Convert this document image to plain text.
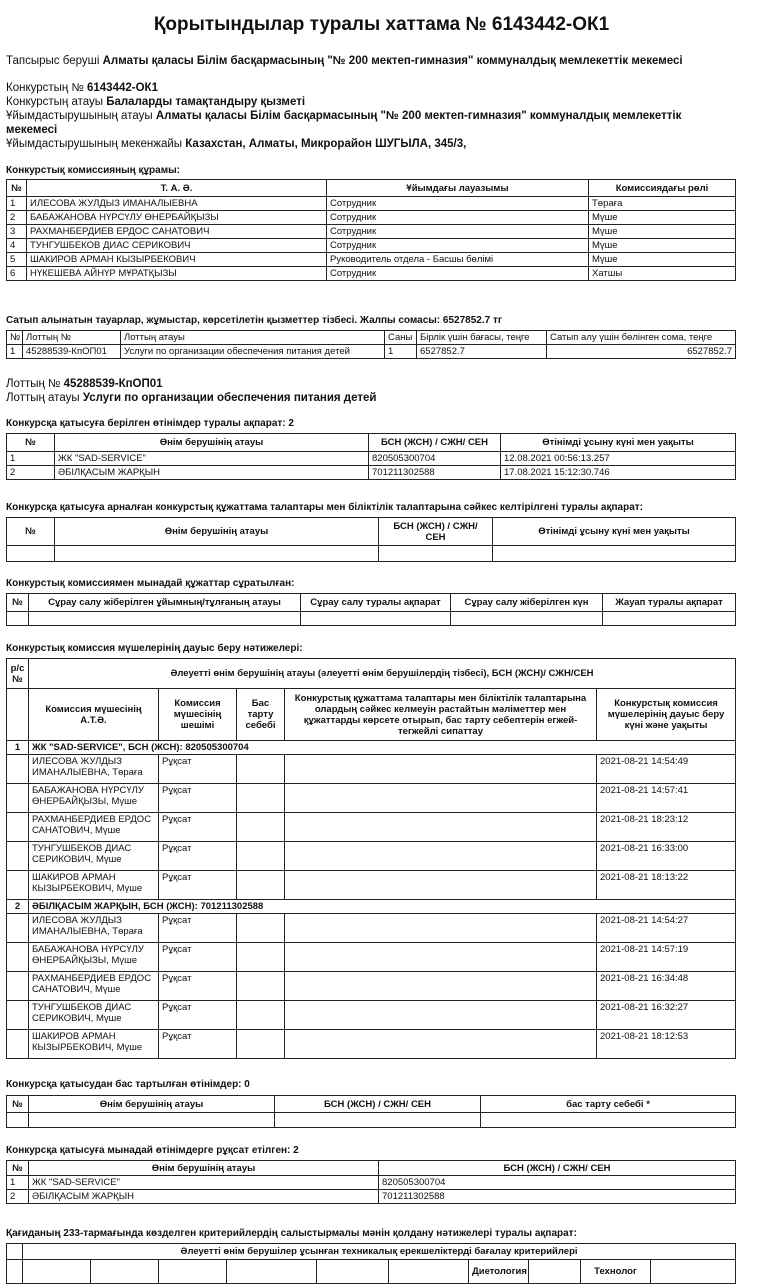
Қорытындылар туралы хаттама № 6143442-ОК1
Тапсырыс беруші Алматы қаласы Білім басқармасының "№ 200 мектеп-гимназия" коммуналдық мемлекеттік мекемесі
Конкурстың № 6143442-ОК1
Конкурстың атауы Балаларды тамақтандыру қызметі
Ұйымдастырушының атауы Алматы қаласы Білім басқармасының "№ 200 мектеп-гимназия" коммуналдық мемлекеттік
мекемесі
Ұйымдастырушының мекенжайы Казахстан, Алматы, Микрорайон ШУГЫЛА, 345/3,
Конкурстық комиссияның құрамы:
№	Т. А. Ә.	Ұйымдағы лауазымы	Комиссиядағы рөлі
1	ИЛЕСОВА ЖУЛДЫЗ ИМАНАЛЫЕВНА	Сотрудник	Төраға
2	БАБАЖАНОВА НҮРСҮЛУ ӨНЕРБАЙҚЫЗЫ	Сотрудник	Мүше
3	РАХМАНБЕРДИЕВ ЕРДОС САНАТОВИЧ	Сотрудник	Мүше
4	ТУНГУШБЕКОВ ДИАС СЕРИКОВИЧ	Сотрудник	Мүше
5	ШАКИРОВ АРМАН КЫЗЫРБЕКОВИЧ	Руководитель отдела - Басшы бөлімі	Мүше
6	НҮКЕШЕВА АЙНҮР МҰРАТҚЫЗЫ	Сотрудник	Хатшы
Сатып алынатын тауарлар, жұмыстар, көрсетілетін қызметтер тізбесі. Жалпы сомасы: 6527852.7 тг
№	Лоттың №	Лоттың атауы	Саны	Бірлік үшін бағасы, теңге	Сатып алу үшін бөлінген сома, теңге
1	45288539-КпОП01	Услуги по организации обеспечения питания детей	1	6527852.7	6527852.7
Лоттың № 45288539-КпОП01
Лоттың атауы Услуги по организации обеспечения питания детей
Конкурсқа қатысуға берілген өтінімдер туралы ақпарат: 2
№	Өнім берушінің атауы	БСН (ЖСН) / СЖН/ СЕН	Өтінімді ұсыну күні мен уақыты
1	ЖК "SAD-SERVICE"	820505300704	12.08.2021 00:56:13.257
2	ӘБІЛҚАСЫМ ЖАРҚЫН	701211302588	17.08.2021 15:12:30.746
Конкурсқа қатысуға арналған конкурстық құжаттама талаптары мен біліктілік талаптарына сәйкес келтірілгені туралы ақпарат:
№	Өнім берушінің атауы	БСН (ЖСН) / СЖН/ СЕН	Өтінімді ұсыну күні мен уақыты

Конкурстық комиссиямен мынадай құжаттар сұратылған:
№	Сұрау салу жіберілген ұйымның/тұлғаның атауы	Сұрау салу туралы ақпарат	Сұрау салу жіберілген күн	Жауап туралы ақпарат

Конкурстық комиссия мүшелерінің дауыс беру нәтижелері:
р/с №	Әлеуетті өнім берушінің атауы (әлеуетті өнім берушілердің тізбесі), БСН (ЖСН)/ СЖН/СЕН				
	Комиссия мүшесінің А.Т.Ә.	Комиссия мүшесінің шешімі	Бас тарту себебі	Конкурстық құжаттама талаптары мен біліктілік талаптарына олардың сәйкес келмеуін растайтын мәліметтер мен құжаттарды көрсете отырып, бас тарту себептерін егжей-тегжейлі сипаттау	Конкурстық комиссия мүшелерінің дауыс беру күні және уақыты
1	ЖК "SAD-SERVICE", БСН (ЖСН): 820505300704				
	ИЛЕСОВА ЖУЛДЫЗ
ИМАНАЛЫЕВНА, Төраға	Рұқсат			2021-08-21 14:54:49
	БАБАЖАНОВА НҮРСҮЛУ
ӨНЕРБАЙҚЫЗЫ, Мүше	Рұқсат			2021-08-21 14:57:41
	РАХМАНБЕРДИЕВ ЕРДОС
САНАТОВИЧ, Мүше	Рұқсат			2021-08-21 18:23:12
	ТУНГУШБЕКОВ ДИАС
СЕРИКОВИЧ, Мүше	Рұқсат			2021-08-21 16:33:00
	ШАКИРОВ АРМАН
КЫЗЫРБЕКОВИЧ, Мүше	Рұқсат			2021-08-21 18:13:22
2	ӘБІЛҚАСЫМ ЖАРҚЫН, БСН (ЖСН): 701211302588				
	ИЛЕСОВА ЖУЛДЫЗ
ИМАНАЛЫЕВНА, Төраға	Рұқсат			2021-08-21 14:54:27
	БАБАЖАНОВА НҮРСҮЛУ
ӨНЕРБАЙҚЫЗЫ, Мүше	Рұқсат			2021-08-21 14:57:19
	РАХМАНБЕРДИЕВ ЕРДОС
САНАТОВИЧ, Мүше	Рұқсат			2021-08-21 16:34:48
	ТУНГУШБЕКОВ ДИАС
СЕРИКОВИЧ, Мүше	Рұқсат			2021-08-21 16:32:27
	ШАКИРОВ АРМАН
КЫЗЫРБЕКОВИЧ, Мүше	Рұқсат			2021-08-21 18:12:53
Конкурсқа қатысудан бас тартылған өтінімдер: 0
№	Өнім берушінің атауы	БСН (ЖСН) / СЖН/ СЕН	бас тарту себебі *

Конкурсқа қатысуға мынадай өтінімдерге рұқсат етілген: 2
№	Өнім берушінің атауы	БСН (ЖСН) / СЖН/ СЕН
1	ЖК "SAD-SERVICE"	820505300704
2	ӘБІЛҚАСЫМ ЖАРҚЫН	701211302588
Қағиданың 233-тармағында көзделген критерийлердің салыстырмалы мәнін қолдану нәтижелері туралы ақпарат:
	Әлеуетті өнім берушілер ұсынған техникалық ерекшеліктерді бағалау критерийлері									
							Диетология		Технолог	
